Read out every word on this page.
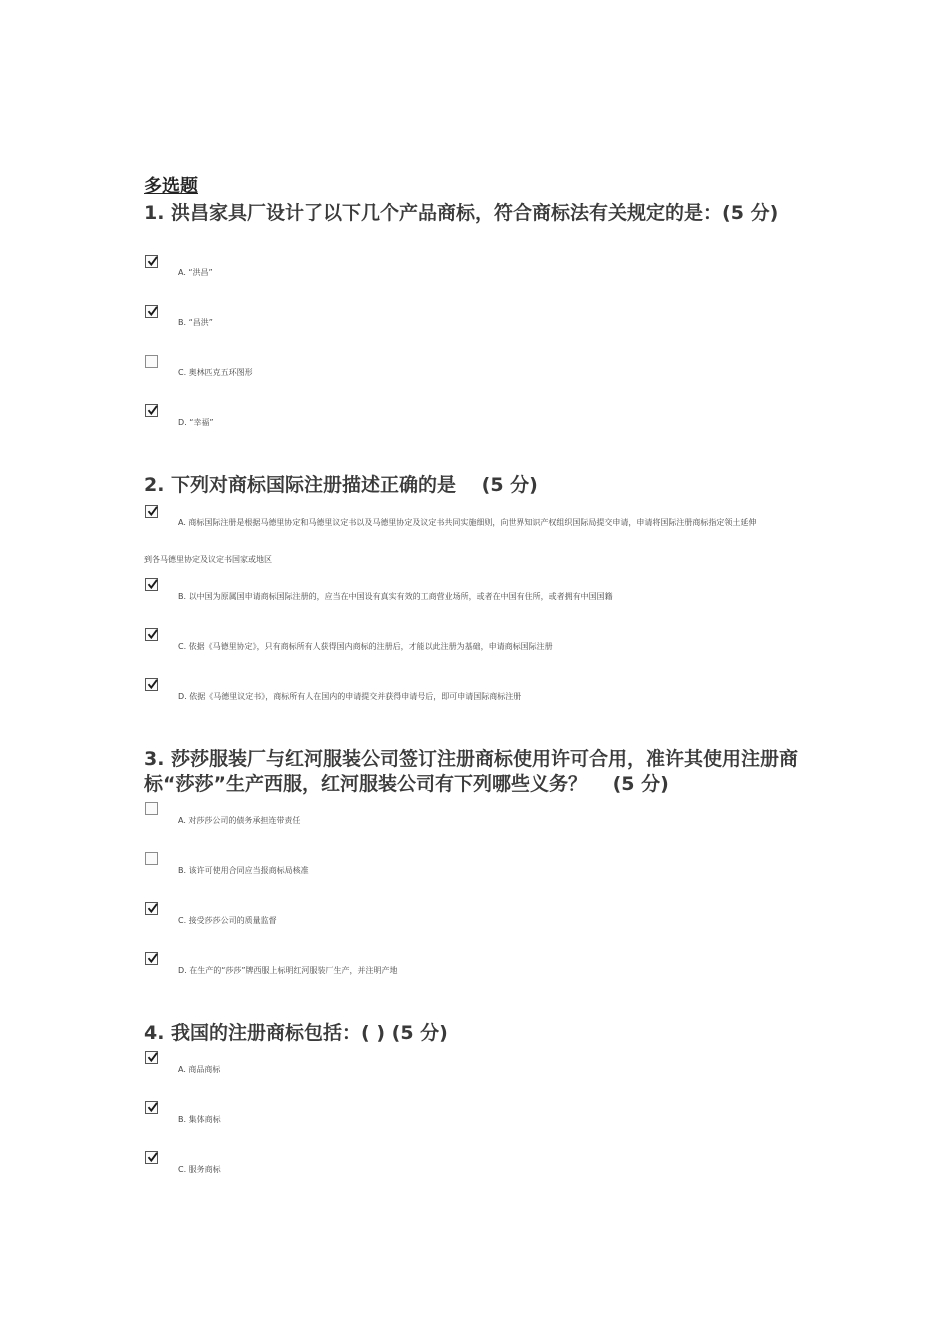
多选题
1. 洪昌家具厂设计了以下几个产品商标，符合商标法有关规定的是：(5 分)
A. “洪昌”
B. “昌洪”
C. 奥林匹克五环图形
D. “幸福”
2. 下列对商标国际注册描述正确的是　 (5 分)
A. 商标国际注册是根据马德里协定和马德里议定书以及马德里协定及议定书共同实施细则，向世界知识产权组织国际局提交申请，申请将国际注册商标指定领土延伸
到各马德里协定及议定书国家或地区
B. 以中国为原属国申请商标国际注册的，应当在中国设有真实有效的工商营业场所，或者在中国有住所，或者拥有中国国籍
C. 依据《马德里协定》，只有商标所有人获得国内商标的注册后，才能以此注册为基础，申请商标国际注册
D. 依据《马德里议定书》，商标所有人在国内的申请提交并获得申请号后，即可申请国际商标注册
3. 莎莎服装厂与红河服装公司签订注册商标使用许可合用，准许其使用注册商标“莎莎”生产西服，红河服装公司有下列哪些义务？　 (5 分)
A. 对莎莎公司的债务承担连带责任
B. 该许可使用合同应当报商标局核准
C. 接受莎莎公司的质量监督
D. 在生产的“莎莎”牌西服上标明红河服装厂生产，并注明产地
4. 我国的注册商标包括：( ) (5 分)
A. 商品商标
B. 集体商标
C. 服务商标
